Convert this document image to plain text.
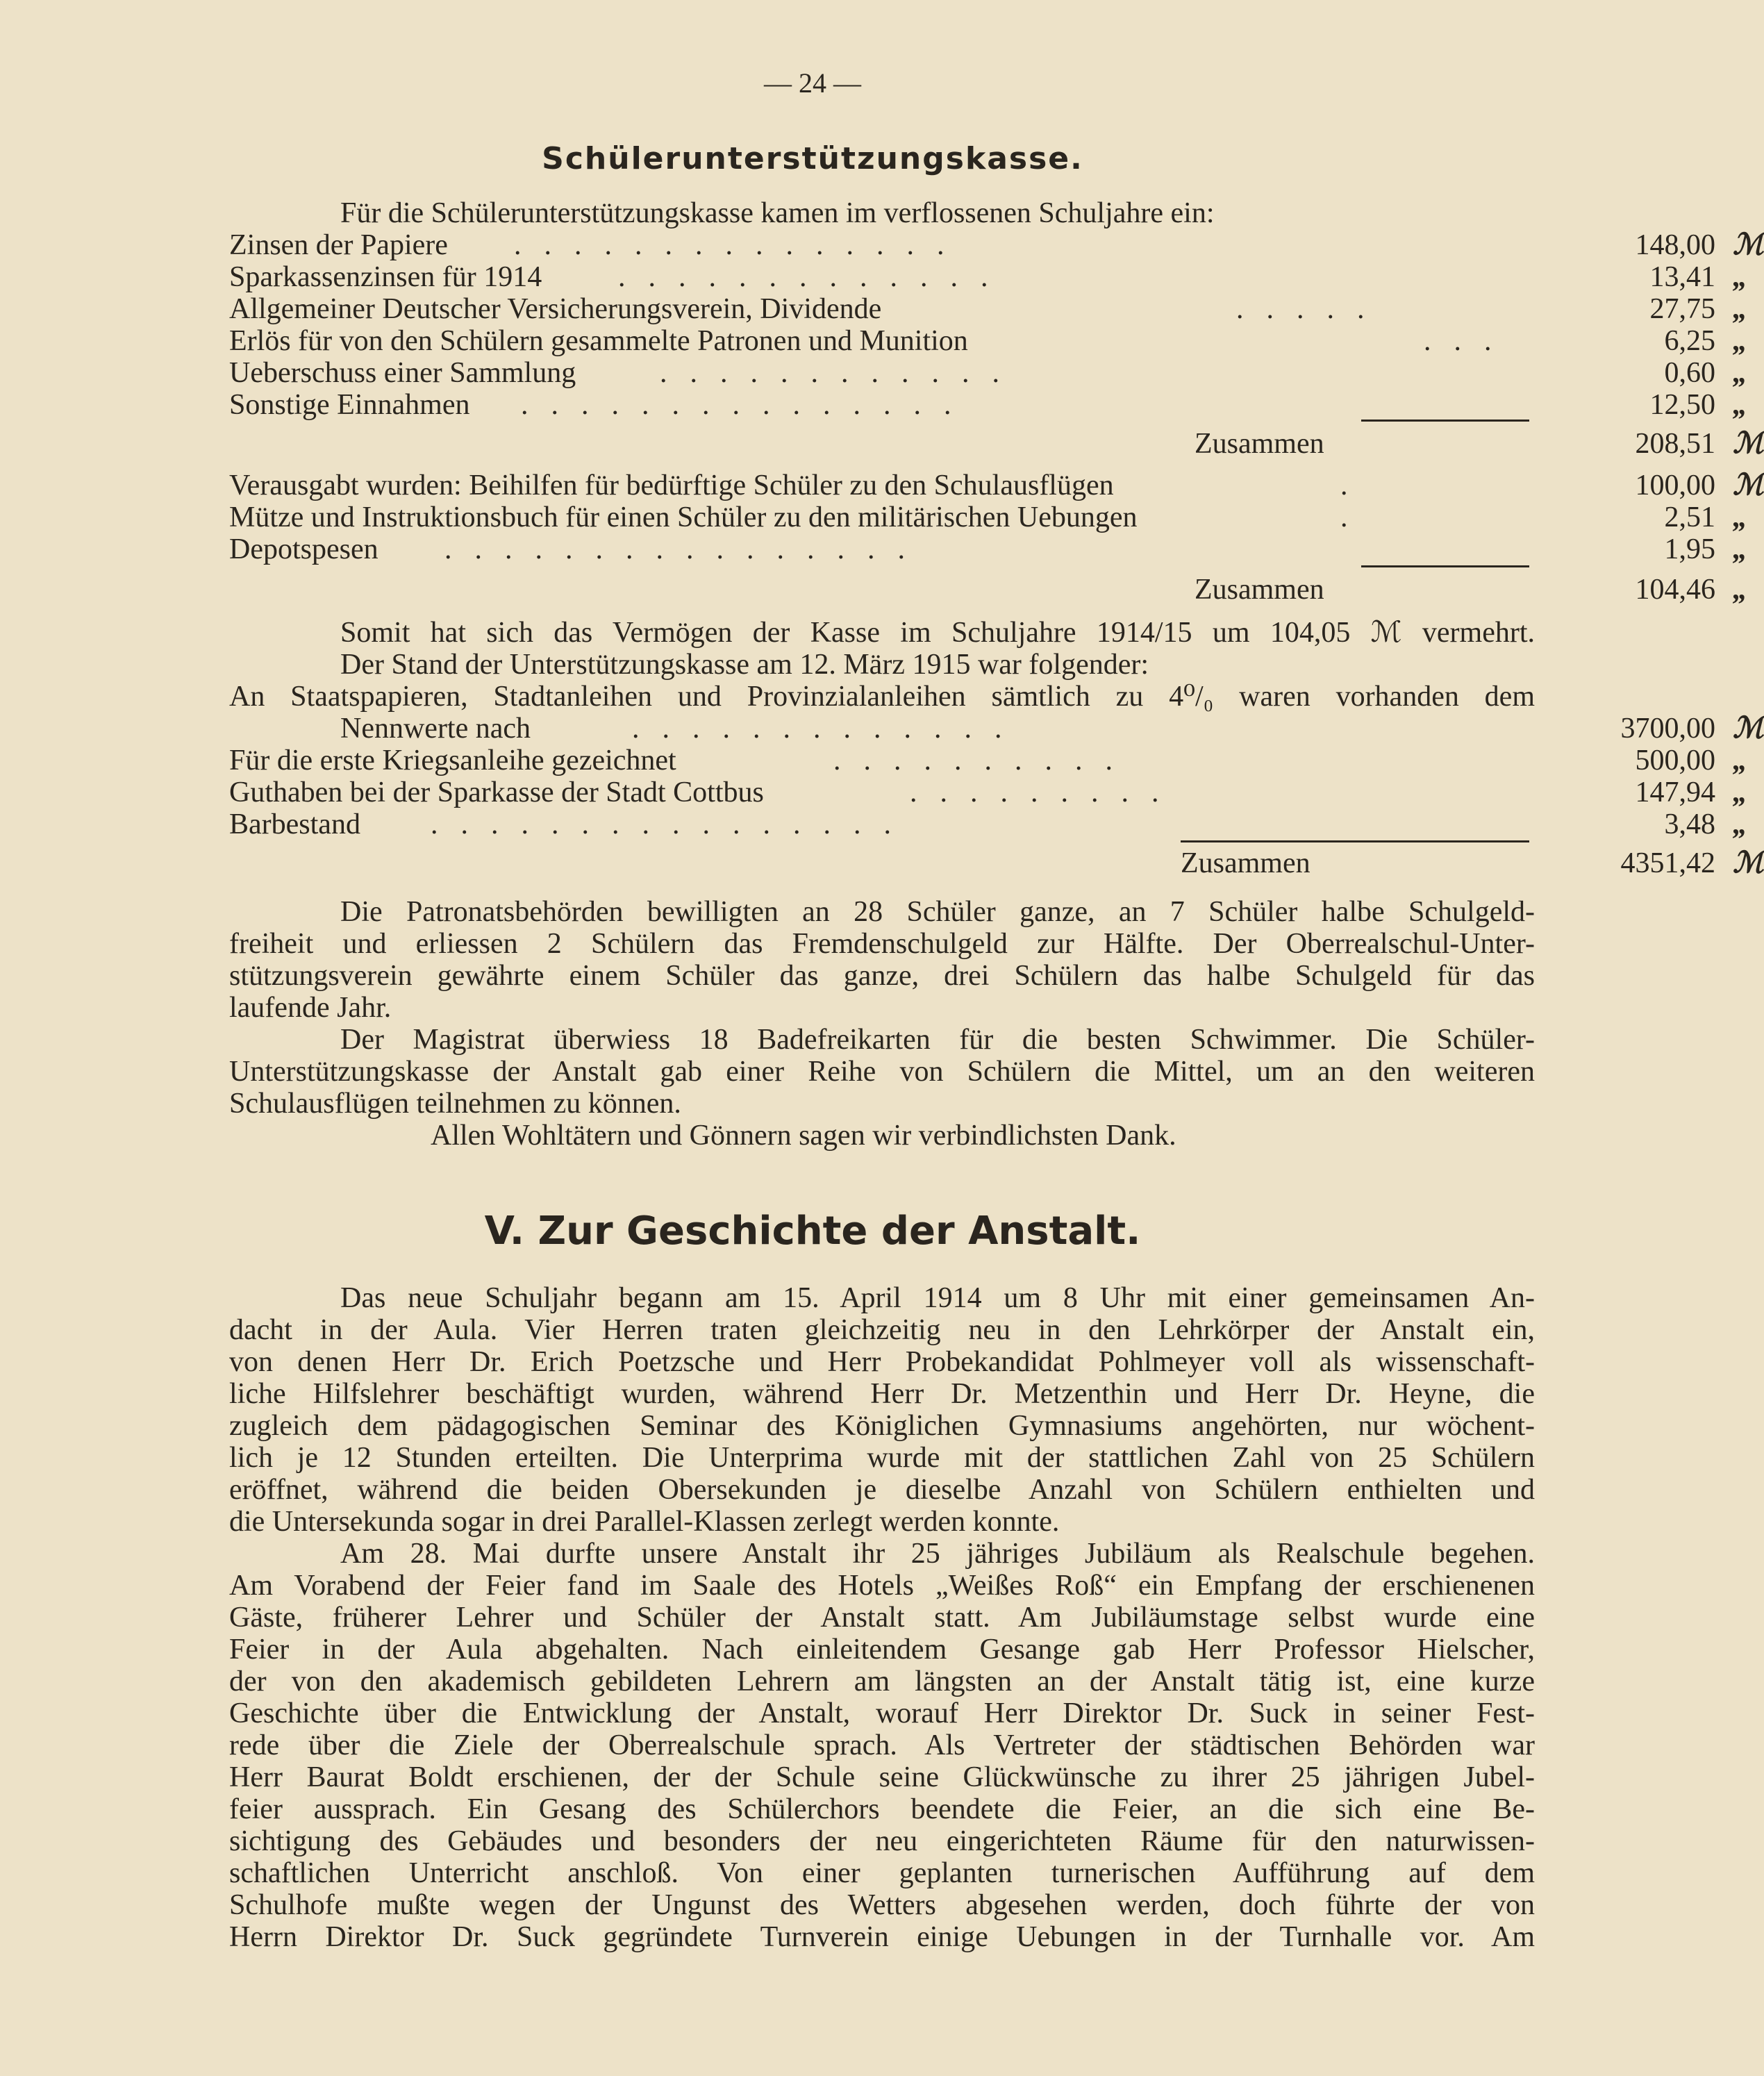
— 24 —
Schülerunterstützungskasse.
Für die Schülerunterstützungskasse kamen im verflossenen Schuljahre ein:
Zinsen der Papiere ...............	148,00 ℳ
Sparkassenzinsen für 1914	.............	13,41 „
Allgemeiner Deutscher Versicherungsverein, Dividende	.....	27,75 „
Erlös für von den Schülern gesammelte Patronen und Munition	...	6,25 „
Ueberschuss einer Sammlung	............	0,60 „
Sonstige Einnahmen ...............	12,50 „
Zusammen	208,51 ℳ
Verausgabt wurden: Beihilfen für bedürftige Schüler zu den Schulausflügen	.	100,00 ℳ
Mütze und Instruktionsbuch für einen Schüler zu den militärischen Uebungen	.	2,51 „
Depotspesen ................	1,95 „
Zusammen	104,46 „
Somit hat sich das Vermögen der Kasse im Schuljahre 1914/15 um 104,05 ℳ vermehrt.
Der Stand der Unterstützungskasse am 12. März 1915 war folgender:
An Staatspapieren, Stadtanleihen und Provinzialanleihen sämtlich zu 4⁰/₀ waren vorhanden dem
Nennwerte nach	.............	3700,00 ℳ
Für die erste Kriegsanleihe gezeichnet	..........	500,00 „
Guthaben bei der Sparkasse der Stadt Cottbus	.........	147,94 „
Barbestand ................	3,48 „
Zusammen	4351,42 ℳ
Die Patronatsbehörden bewilligten an 28 Schüler ganze, an 7 Schüler halbe Schulgeld-
freiheit und erliessen 2 Schülern das Fremdenschulgeld zur Hälfte. Der Oberrealschul-Unter-
stützungsverein gewährte einem Schüler das ganze, drei Schülern das halbe Schulgeld für das
laufende Jahr.
Der Magistrat überwiess 18 Badefreikarten für die besten Schwimmer. Die Schüler-
Unterstützungskasse der Anstalt gab einer Reihe von Schülern die Mittel, um an den weiteren
Schulausflügen teilnehmen zu können.
Allen Wohltätern und Gönnern sagen wir verbindlichsten Dank.
V. Zur Geschichte der Anstalt.
Das neue Schuljahr begann am 15. April 1914 um 8 Uhr mit einer gemeinsamen An-
dacht in der Aula. Vier Herren traten gleichzeitig neu in den Lehrkörper der Anstalt ein,
von denen Herr Dr. Erich Poetzsche und Herr Probekandidat Pohlmeyer voll als wissenschaft-
liche Hilfslehrer beschäftigt wurden, während Herr Dr. Metzenthin und Herr Dr. Heyne, die
zugleich dem pädagogischen Seminar des Königlichen Gymnasiums angehörten, nur wöchent-
lich je 12 Stunden erteilten. Die Unterprima wurde mit der stattlichen Zahl von 25 Schülern
eröffnet, während die beiden Obersekunden je dieselbe Anzahl von Schülern enthielten und
die Untersekunda sogar in drei Parallel-Klassen zerlegt werden konnte.
Am 28. Mai durfte unsere Anstalt ihr 25 jähriges Jubiläum als Realschule begehen.
Am Vorabend der Feier fand im Saale des Hotels „Weißes Roß“ ein Empfang der erschienenen
Gäste, früherer Lehrer und Schüler der Anstalt statt. Am Jubiläumstage selbst wurde eine
Feier in der Aula abgehalten. Nach einleitendem Gesange gab Herr Professor Hielscher,
der von den akademisch gebildeten Lehrern am längsten an der Anstalt tätig ist, eine kurze
Geschichte über die Entwicklung der Anstalt, worauf Herr Direktor Dr. Suck in seiner Fest-
rede über die Ziele der Oberrealschule sprach. Als Vertreter der städtischen Behörden war
Herr Baurat Boldt erschienen, der der Schule seine Glückwünsche zu ihrer 25 jährigen Jubel-
feier aussprach. Ein Gesang des Schülerchors beendete die Feier, an die sich eine Be-
sichtigung des Gebäudes und besonders der neu eingerichteten Räume für den naturwissen-
schaftlichen Unterricht anschloß. Von einer geplanten turnerischen Aufführung auf dem
Schulhofe mußte wegen der Ungunst des Wetters abgesehen werden, doch führte der von
Herrn Direktor Dr. Suck gegründete Turnverein einige Uebungen in der Turnhalle vor. Am
